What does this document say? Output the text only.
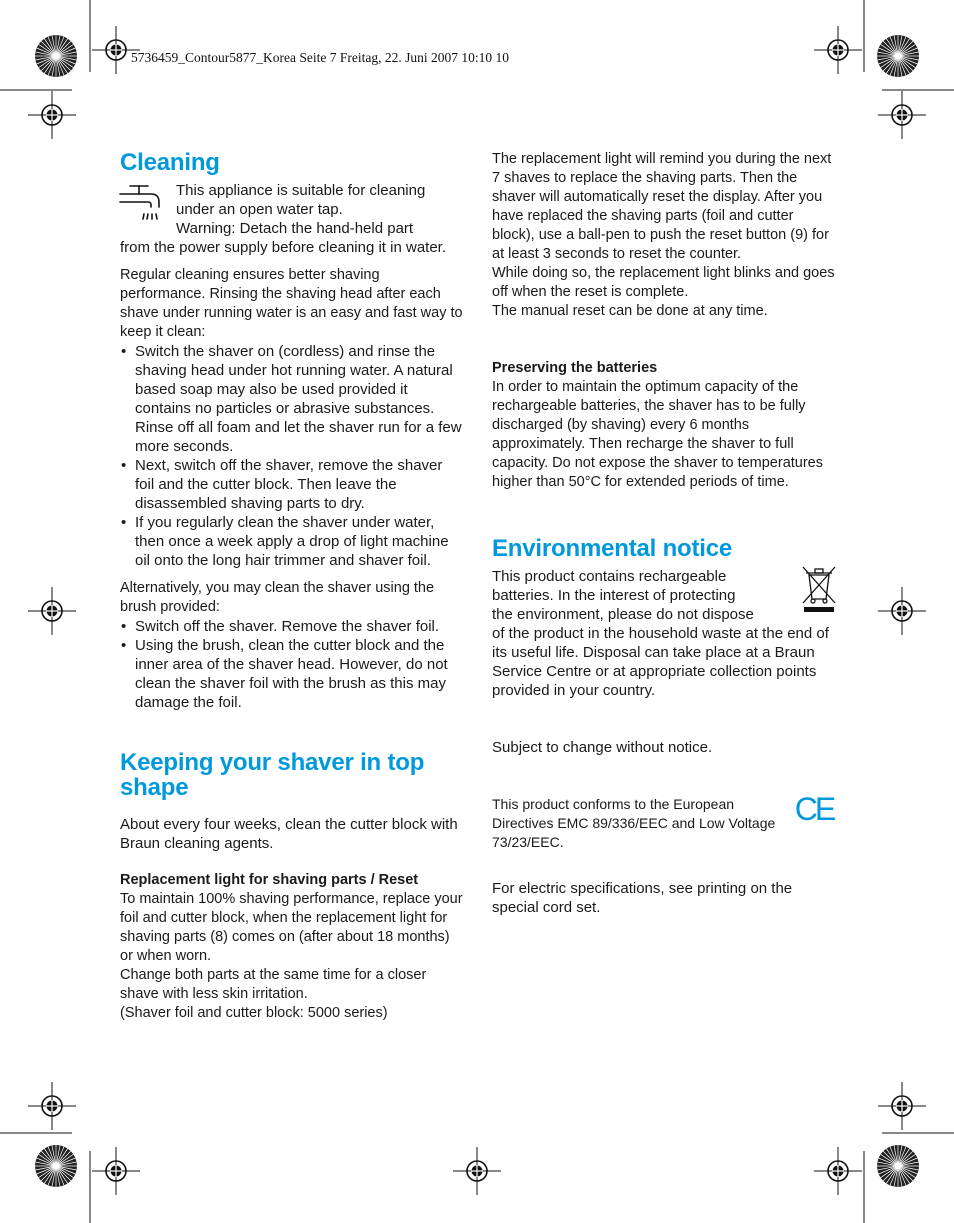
5736459_Contour5877_Korea Seite 7 Freitag, 22. Juni 2007 10:10 10
Cleaning

This appliance is suitable for cleaning

under an open water tap.

Warning: Detach the hand-held part

from the power supply before cleaning it in water.

Regular cleaning ensures better shaving performance. Rinsing the shaving head after each shave under running water is an easy and fast way to keep it clean:

• Switch the shaver on (cordless) and rinse the shaving head under hot running water. A natural based soap may also be used provided it contains no particles or abrasive substances. Rinse off all foam and let the shaver run for a few more seconds.
• Next, switch off the shaver, remove the shaver foil and the cutter block. Then leave the disassembled shaving parts to dry.
• If you regularly clean the shaver under water, then once a week apply a drop of light machine oil onto the long hair trimmer and shaver foil.

Alternatively, you may clean the shaver using the brush provided:

• Switch off the shaver. Remove the shaver foil.
• Using the brush, clean the cutter block and the inner area of the shaver head. However, do not clean the shaver foil with the brush as this may damage the foil.
Keeping your shaver in top shape

About every four weeks, clean the cutter block with Braun cleaning agents.

Replacement light for shaving parts / Reset

To maintain 100% shaving performance, replace your foil and cutter block, when the replacement light for shaving parts (8) comes on (after about 18 months) or when worn.

Change both parts at the same time for a closer shave with less skin irritation.

(Shaver foil and cutter block: 5000 series)

The replacement light will remind you during the next 7 shaves to replace the shaving parts. Then the shaver will automatically reset the display. After you have replaced the shaving parts (foil and cutter block), use a ball-pen to push the reset button (9) for at least 3 seconds to reset the counter.

While doing so, the replacement light blinks and goes off when the reset is complete.

The manual reset can be done at any time.

Preserving the batteries

In order to maintain the optimum capacity of the rechargeable batteries, the shaver has to be fully discharged (by shaving) every 6 months approximately. Then recharge the shaver to full capacity. Do not expose the shaver to temperatures higher than 50°C for extended periods of time.

Environmental notice

This product contains rechargeable

batteries. In the interest of protecting

the environment, please do not dispose

of the product in the household waste at the end of its useful life. Disposal can take place at a Braun Service Centre or at appropriate collection points provided in your country.

Subject to change without notice.

This product conforms to the European Directives EMC 89/336/EEC and Low Voltage 73/23/EEC.

CE

For electric specifications, see printing on the special cord set.
